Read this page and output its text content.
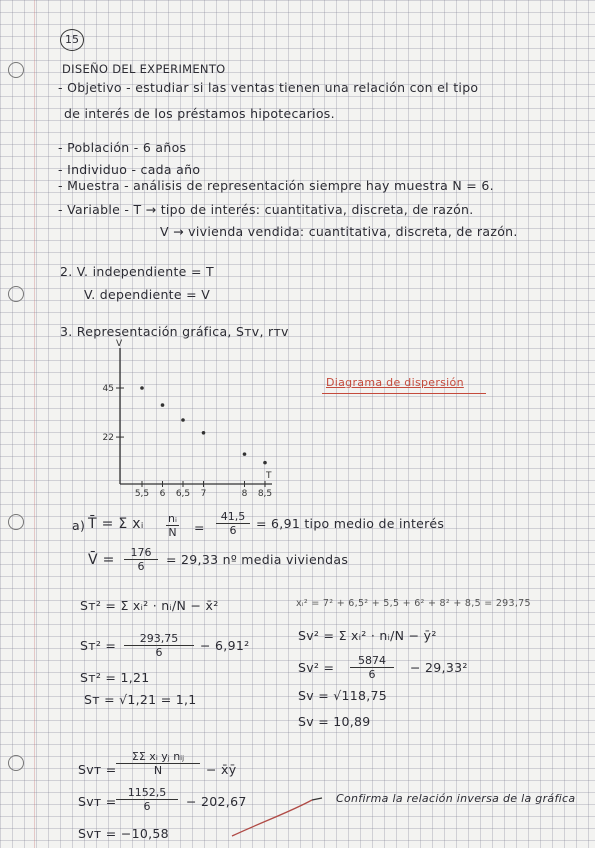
15
DISEÑO DEL EXPERIMENTO
- Objetivo - estudiar si las ventas tienen una relación con el tipo
de interés de los préstamos hipotecarios.
- Población - 6 años
- Individuo - cada año
- Muestra - análisis de representación siempre hay muestra N = 6.
- Variable - T → tipo de interés: cuantitativa, discreta, de razón.
V → vivienda vendida: cuantitativa, discreta, de razón.
2. V. independiente = T
V. dependiente = V
3. Representación gráfica, Sᴛᴠ, rᴛᴠ
V
T
5,5 6 6,5 7	8 8,5
45
22
Diagrama de dispersión
a) T̄ = Σ xᵢ $\frac{\text{nᵢ}}{N} = \frac{41,5}{6} = 6,91$ tipo medio de interés
V̄ = $\frac{176}{6} = 29,33$ nº media viviendas
Sᴛ² = Σ xᵢ² · nᵢ/N − x̄²	xᵢ² = 7² + 6,5² + 5,5 + 6² + 8² + 8,5 = 293,75
Sᴛ² = $\frac{293,75}{6} - 6,91^2$
Sᴛ² = 1,21
Sᴛ = √1,21 = 1,1
Sᴠ² = Σ xᵢ² · nᵢ/N − ȳ²
Sᴠ² = $\frac{5874}{6} - 29,33^2$
Sᴠ = √118,75
Sᴠ = 10,89
Sᴠᴛ =
ΣΣ xᵢ yⱼ nᵢⱼ
N	− x̄ȳ
Sᴠᴛ = $\frac{1152,5}{6} - 202,67$	Confirma la relación inversa de la gráfica
Sᴠᴛ = −10,58
